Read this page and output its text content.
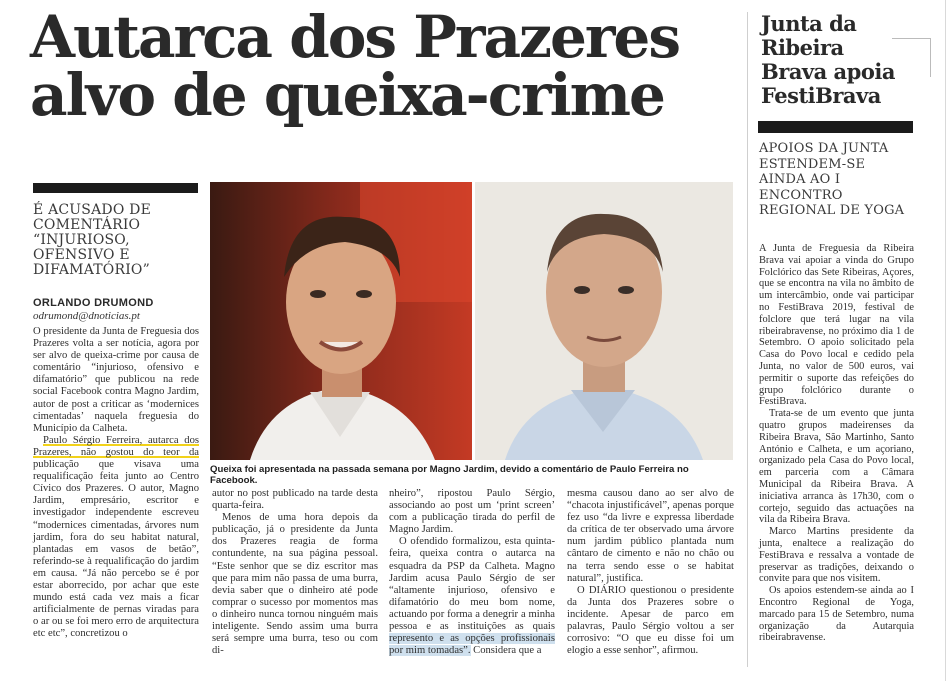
Autarca dos Prazeres
alvo de queixa-crime
É ACUSADO DE COMENTÁRIO “INJURIOSO, OFENSIVO E DIFAMATÓRIO”
ORLANDO DRUMOND
odrumond@dnoticias.pt

O presidente da Junta de Freguesia dos Prazeres volta a ser notícia, agora por ser alvo de queixa-crime por causa de comentário “injurioso, ofensivo e difamatório” que publicou na rede social Facebook contra Magno Jardim, autor de post a criticar as ‘modernices cimentadas’ naquela freguesia do Município da Calheta.

Paulo Sérgio Ferreira, autarca dos Prazeres, não gostou do teor da publicação que visava uma requalificação feita junto ao Centro Cívico dos Prazeres. O autor, Magno Jardim, empresário, escritor e investigador independente escreveu “modernices cimentadas, árvores num jardim, fora do seu habitat natural, plantadas em vasos de betão”, referindo-se à requalificação do jardim em causa. “Já não percebo se é por estar aborrecido, por achar que este mundo está cada vez mais a ficar artificialmente de pernas viradas para o ar ou se foi mero erro de arquitectura etc etc”, concretizou o

Queixa foi apresentada na passada semana por Magno Jardim, devido a comentário de Paulo Ferreira no Facebook.

autor no post publicado na tarde desta quarta-feira.

Menos de uma hora depois da publicação, já o presidente da Junta dos Prazeres reagia de forma contundente, na sua página pessoal. “Este senhor que se diz escritor mas que para mim não passa de uma burra, devia saber que o dinheiro até pode comprar o sucesso por momentos mas o dinheiro nunca tornou ninguém mais inteligente. Sendo assim uma burra será sempre uma burra, teso ou com di-

nheiro”, ripostou Paulo Sérgio, associando ao post um ‘print screen’ com a publicação tirada do perfil de Magno Jardim.

O ofendido formalizou, esta quinta-feira, queixa contra o autarca na esquadra da PSP da Calheta. Magno Jardim acusa Paulo Sérgio de ser “altamente injurioso, ofensivo e difamatório do meu bom nome, actuando por forma a denegrir a minha pessoa e as instituições as quais represento e as opções profissionais por mim tomadas”. Considera que a

mesma causou dano ao ser alvo de “chacota injustificável”, apenas porque fez uso “da livre e expressa liberdade da crítica de ter observado uma árvore num jardim público plantada num cântaro de cimento e não no chão ou na terra sendo esse o se habitat natural”, justifica.

O DIÁRIO questionou o presidente da Junta dos Prazeres sobre o incidente. Apesar de parco em palavras, Paulo Sérgio voltou a ser corrosivo: “O que eu disse foi um elogio a esse senhor”, afirmou.

Junta da Ribeira Brava apoia FestiBrava
APOIOS DA JUNTA ESTENDEM-SE AINDA AO I ENCONTRO REGIONAL DE YOGA

A Junta de Freguesia da Ribeira Brava vai apoiar a vinda do Grupo Folclórico das Sete Ribeiras, Açores, que se encontra na vila no âmbito de um intercâmbio, onde vai participar no FestiBrava 2019, festival de folclore que terá lugar na vila ribeirabravense, no próximo dia 1 de Setembro. O apoio solicitado pela Casa do Povo local e cedido pela Junta, no valor de 500 euros, vai permitir o suporte das refeições do grupo folclórico durante o FestiBrava.

Trata-se de um evento que junta quatro grupos madeirenses da Ribeira Brava, São Martinho, Santo António e Calheta, e um açoriano, organizado pela Casa do Povo local, em parceria com a Câmara Municipal da Ribeira Brava. A iniciativa arranca às 17h30, com o cortejo, seguido das actuações na vila da Ribeira Brava.

Marco Martins presidente da junta, enaltece a realização do FestiBrava e ressalva a vontade de preservar as tradições, deixando o convite para que nos visitem.

Os apoios estendem-se ainda ao I Encontro Regional de Yoga, marcado para 15 de Setembro, numa organização da Autarquia ribeirabravense.
